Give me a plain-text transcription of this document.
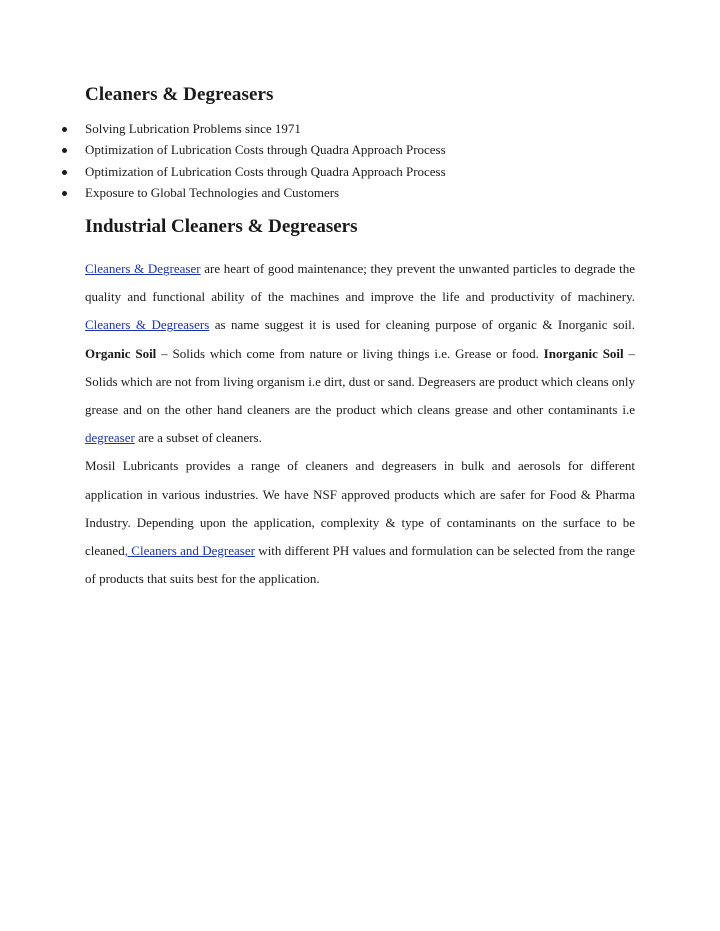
Cleaners & Degreasers
Solving Lubrication Problems since 1971
Optimization of Lubrication Costs through Quadra Approach Process
Optimization of Lubrication Costs through Quadra Approach Process
Exposure to Global Technologies and Customers
Industrial Cleaners & Degreasers

Cleaners & Degreaser are heart of good maintenance; they prevent the unwanted particles to degrade the quality and functional ability of the machines and improve the life and productivity of machinery. Cleaners & Degreasers as name suggest it is used for cleaning purpose of organic & Inorganic soil. Organic Soil – Solids which come from nature or living things i.e. Grease or food. Inorganic Soil – Solids which are not from living organism i.e dirt, dust or sand. Degreasers are product which cleans only grease and on the other hand cleaners are the product which cleans grease and other contaminants i.e degreaser are a subset of cleaners.

Mosil Lubricants provides a range of cleaners and degreasers in bulk and aerosols for different application in various industries. We have NSF approved products which are safer for Food & Pharma Industry. Depending upon the application, complexity & type of contaminants on the surface to be cleaned, Cleaners and Degreaser with different PH values and formulation can be selected from the range of products that suits best for the application.
